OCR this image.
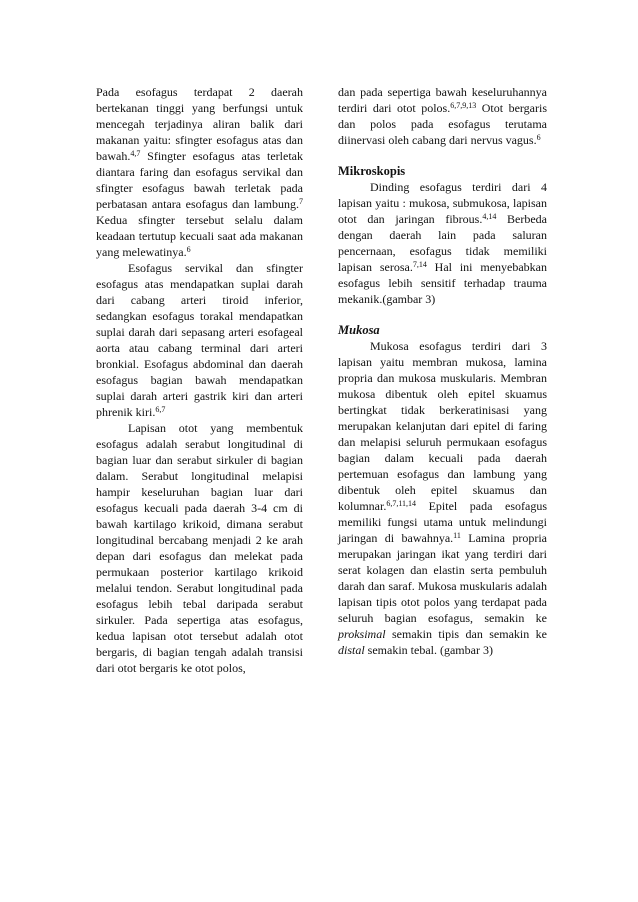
Pada esofagus terdapat 2 daerah bertekanan tinggi yang berfungsi untuk mencegah terjadinya aliran balik dari makanan yaitu: sfingter esofagus atas dan bawah.$^{4,7}$ Sfingter esofagus atas terletak diantara faring dan esofagus servikal dan sfingter esofagus bawah terletak pada perbatasan antara esofagus dan lambung.$^7$ Kedua sfingter tersebut selalu dalam keadaan tertutup kecuali saat ada makanan yang melewatinya.$^6$

Esofagus servikal dan sfingter esofagus atas mendapatkan suplai darah dari cabang arteri tiroid inferior, sedangkan esofagus torakal mendapatkan suplai darah dari sepasang arteri esofageal aorta atau cabang terminal dari arteri bronkial. Esofagus abdominal dan daerah esofagus bagian bawah mendapatkan suplai darah arteri gastrik kiri dan arteri phrenik kiri.$^{6,7}$

Lapisan otot yang membentuk esofagus adalah serabut longitudinal di bagian luar dan serabut sirkuler di bagian dalam. Serabut longitudinal melapisi hampir keseluruhan bagian luar dari esofagus kecuali pada daerah 3-4 cm di bawah kartilago krikoid, dimana serabut longitudinal bercabang menjadi 2 ke arah depan dari esofagus dan melekat pada permukaan posterior kartilago krikoid melalui tendon. Serabut longitudinal pada esofagus lebih tebal daripada serabut sirkuler. Pada sepertiga atas esofagus, kedua lapisan otot tersebut adalah otot bergaris, di bagian tengah adalah transisi dari otot bergaris ke otot polos,

dan pada sepertiga bawah keseluruhannya terdiri dari otot polos.$^{6,7,9,13}$ Otot bergaris dan polos pada esofagus terutama diinervasi oleh cabang dari nervus vagus.$^6$

Mikroskopis

Dinding esofagus terdiri dari 4 lapisan yaitu : mukosa, submukosa, lapisan otot dan jaringan fibrous.$^{4,14}$ Berbeda dengan daerah lain pada saluran pencernaan, esofagus tidak memiliki lapisan serosa.$^{7,14}$ Hal ini menyebabkan esofagus lebih sensitif terhadap trauma mekanik.(gambar 3)

Mukosa

Mukosa esofagus terdiri dari 3 lapisan yaitu membran mukosa, lamina propria dan mukosa muskularis. Membran mukosa dibentuk oleh epitel skuamus bertingkat tidak berkeratinisasi yang merupakan kelanjutan dari epitel di faring dan melapisi seluruh permukaan esofagus bagian dalam kecuali pada daerah pertemuan esofagus dan lambung yang dibentuk oleh epitel skuamus dan kolumnar.$^{6,7,11,14}$ Epitel pada esofagus memiliki fungsi utama untuk melindungi jaringan di bawahnya.$^{11}$ Lamina propria merupakan jaringan ikat yang terdiri dari serat kolagen dan elastin serta pembuluh darah dan saraf. Mukosa muskularis adalah lapisan tipis otot polos yang terdapat pada seluruh bagian esofagus, semakin ke proksimal semakin tipis dan semakin ke distal semakin tebal. (gambar 3)
